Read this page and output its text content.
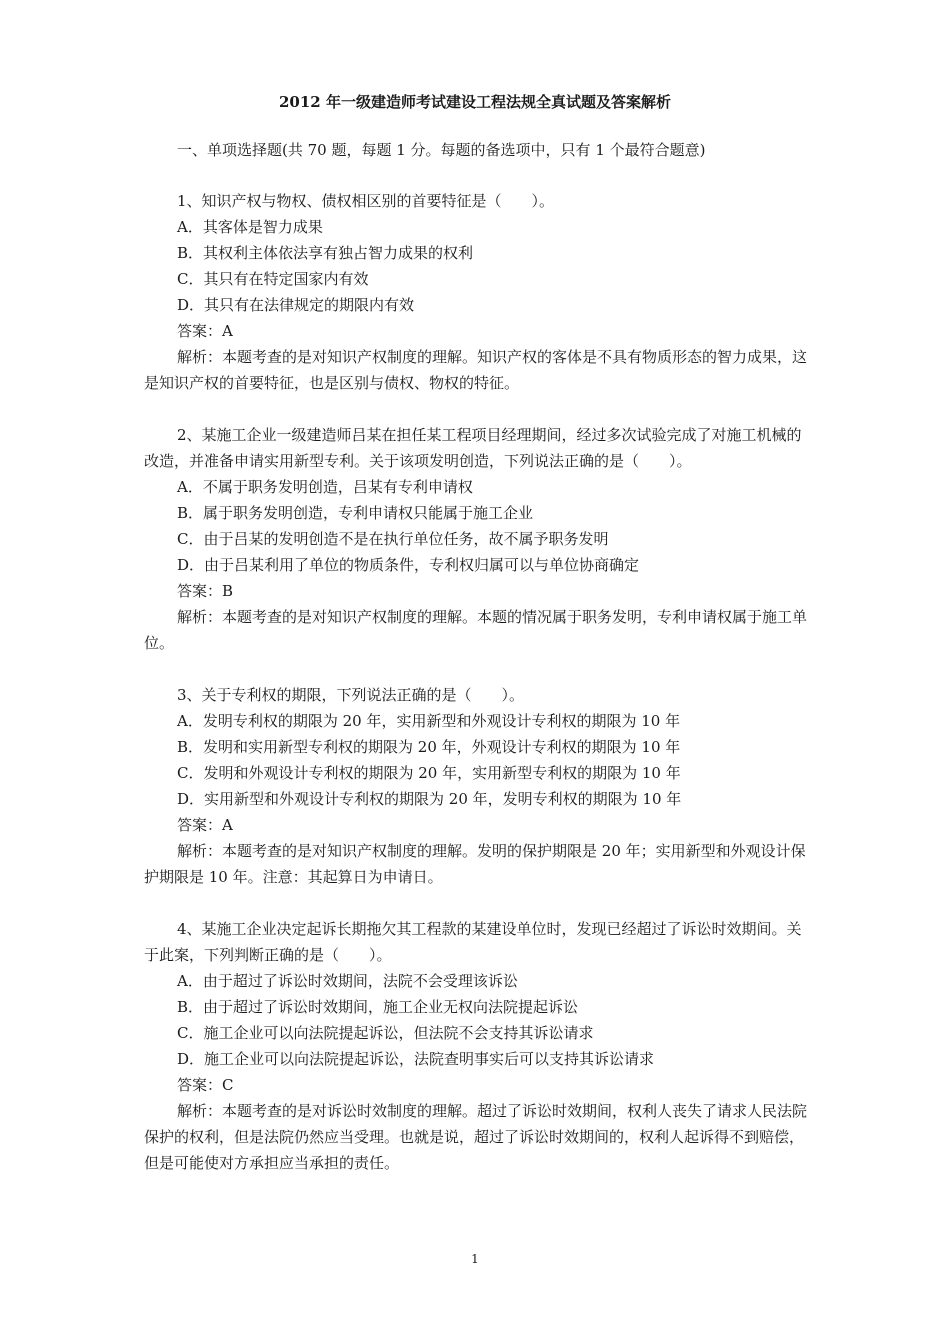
2012 年一级建造师考试建设工程法规全真试题及答案解析
一、单项选择题(共 70 题，每题 1 分。每题的备选项中，只有 1 个最符合题意)

1、知识产权与物权、债权相区别的首要特征是（　　）。

A．其客体是智力成果
B．其权利主体依法享有独占智力成果的权利
C．其只有在特定国家内有效
D．其只有在法律规定的期限内有效
答案：A

解析：本题考查的是对知识产权制度的理解。知识产权的客体是不具有物质形态的智力成果，这是知识产权的首要特征，也是区别与债权、物权的特征。

2、某施工企业一级建造师吕某在担任某工程项目经理期间，经过多次试验完成了对施工机械的改造，并准备申请实用新型专利。关于该项发明创造，下列说法正确的是（　　）。

A．不属于职务发明创造，吕某有专利申请权
B．属于职务发明创造，专利申请权只能属于施工企业
C．由于吕某的发明创造不是在执行单位任务，故不属予职务发明
D．由于吕某利用了单位的物质条件，专利权归属可以与单位协商确定
答案：B

解析：本题考查的是对知识产权制度的理解。本题的情况属于职务发明，专利申请权属于施工单位。

3、关于专利权的期限，下列说法正确的是（　　）。

A．发明专利权的期限为 20 年，实用新型和外观设计专利权的期限为 10 年
B．发明和实用新型专利权的期限为 20 年，外观设计专利权的期限为 10 年
C．发明和外观设计专利权的期限为 20 年，实用新型专利权的期限为 10 年
D．实用新型和外观设计专利权的期限为 20 年，发明专利权的期限为 10 年
答案：A

解析：本题考查的是对知识产权制度的理解。发明的保护期限是 20 年；实用新型和外观设计保护期限是 10 年。注意：其起算日为申请日。

4、某施工企业决定起诉长期拖欠其工程款的某建设单位时，发现已经超过了诉讼时效期间。关于此案，下列判断正确的是（　　）。

A．由于超过了诉讼时效期间，法院不会受理该诉讼
B．由于超过了诉讼时效期间，施工企业无权向法院提起诉讼
C．施工企业可以向法院提起诉讼，但法院不会支持其诉讼请求
D．施工企业可以向法院提起诉讼，法院查明事实后可以支持其诉讼请求
答案：C

解析：本题考查的是对诉讼时效制度的理解。超过了诉讼时效期间，权利人丧失了请求人民法院保护的权利，但是法院仍然应当受理。也就是说，超过了诉讼时效期间的，权利人起诉得不到赔偿，但是可能使对方承担应当承担的责任。

1
